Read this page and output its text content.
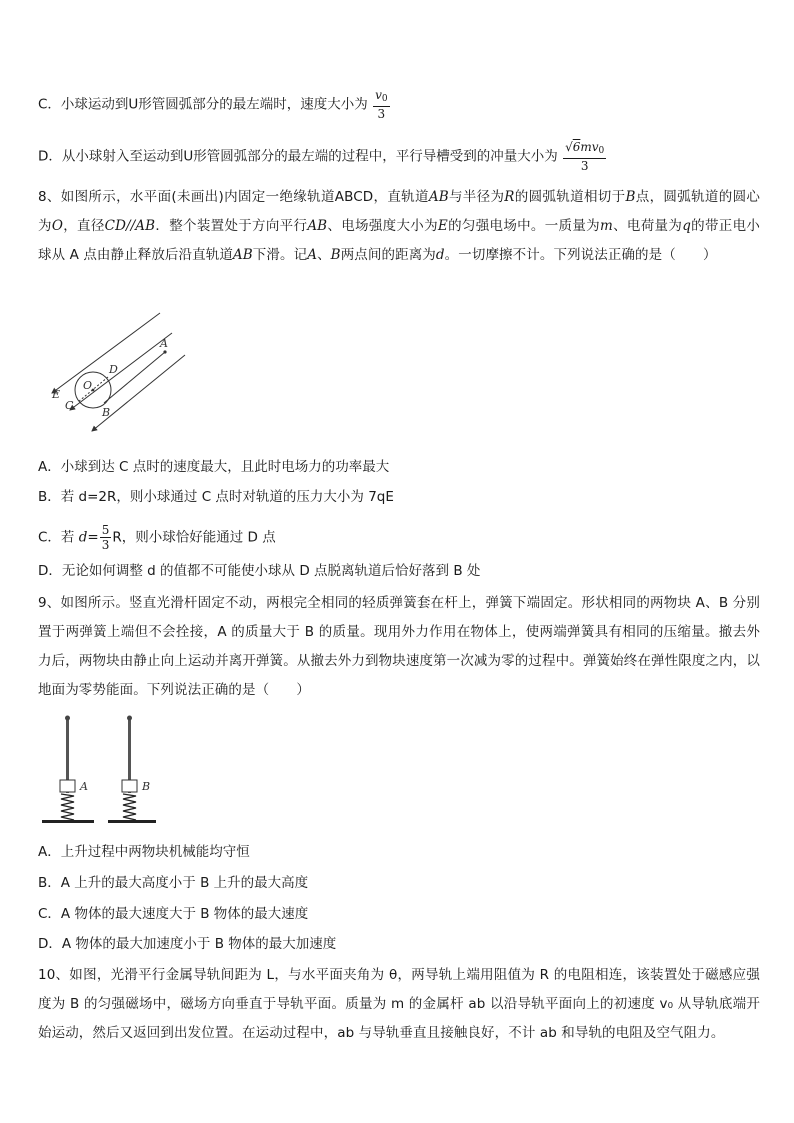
C．小球运动到U形管圆弧部分的最左端时，速度大小为 $\frac{v_0}{3}$
D．从小球射入至运动到U形管圆弧部分的最左端的过程中，平行导槽受到的冲量大小为 $\frac{√6mv_0}{3}$
8、如图所示，水平面(未画出)内固定一绝缘轨道ABCD，直轨道AB与半径为R的圆弧轨道相切于B点，圆弧轨道的圆心为O，直径CD//AB．整个装置处于方向平行AB、电场强度大小为E的匀强电场中。一质量为m、电荷量为q的带正电小球从 A 点由静止释放后沿直轨道AB下滑。记A、B两点间的距离为d。一切摩擦不计。下列说法正确的是（　　）
A
D
O
E
C
B
A．小球到达 C 点时的速度最大，且此时电场力的功率最大
B．若 d=2R，则小球通过 C 点时对轨道的压力大小为 7qE
C．若 $d= \frac{5}{3}$ R，则小球恰好能通过 D 点
D．无论如何调整 d 的值都不可能使小球从 D 点脱离轨道后恰好落到 B 处
9、如图所示。竖直光滑杆固定不动，两根完全相同的轻质弹簧套在杆上，弹簧下端固定。形状相同的两物块 A、B 分别置于两弹簧上端但不会拴接，A 的质量大于 B 的质量。现用外力作用在物体上，使两端弹簧具有相同的压缩量。撤去外力后，两物块由静止向上运动并离开弹簧。从撤去外力到物块速度第一次减为零的过程中。弹簧始终在弹性限度之内，以地面为零势能面。下列说法正确的是（　　）
A	B
A．上升过程中两物块机械能均守恒
B．A 上升的最大高度小于 B 上升的最大高度
C．A 物体的最大速度大于 B 物体的最大速度
D．A 物体的最大加速度小于 B 物体的最大加速度
10、如图，光滑平行金属导轨间距为 L，与水平面夹角为 θ，两导轨上端用阻值为 R 的电阻相连，该装置处于磁感应强度为 B 的匀强磁场中，磁场方向垂直于导轨平面。质量为 m 的金属杆 ab 以沿导轨平面向上的初速度 v₀ 从导轨底端开始运动，然后又返回到出发位置。在运动过程中，ab 与导轨垂直且接触良好，不计 ab 和导轨的电阻及空气阻力。
